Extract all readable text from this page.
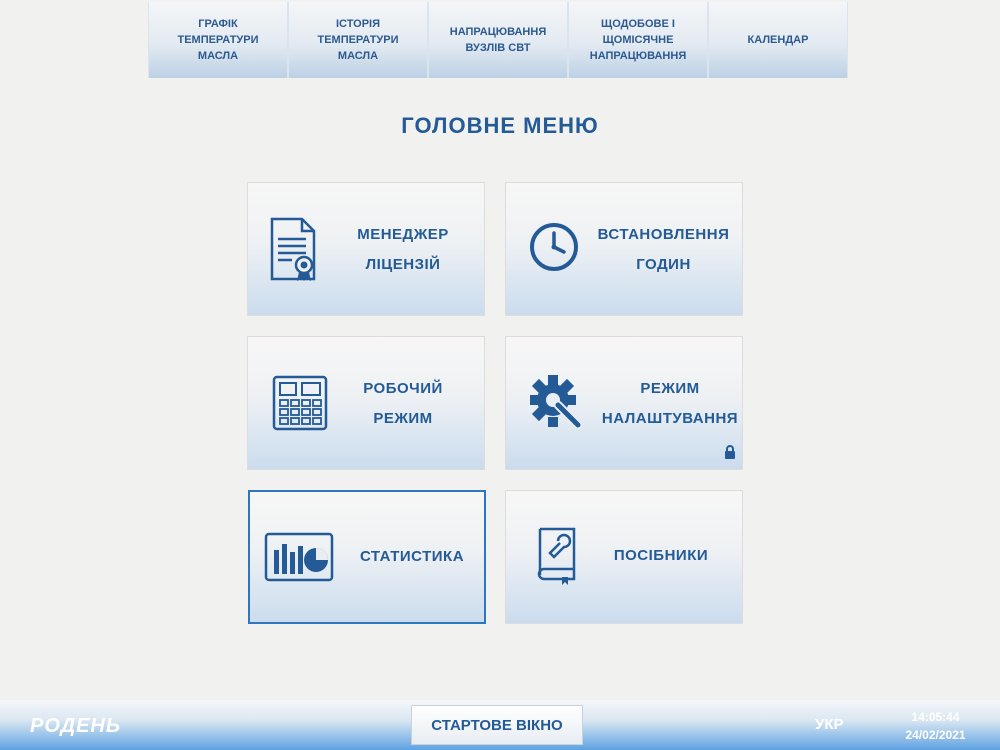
ГРАФІК
ТЕМПЕРАТУРИ
МАСЛА
ІСТОРІЯ
ТЕМПЕРАТУРИ
МАСЛА
НАПРАЦЮВАННЯ
ВУЗЛІВ СВТ
ЩОДОБОВЕ І
ЩОМІСЯЧНЕ
НАПРАЦЮВАННЯ
КАЛЕНДАР
ГОЛОВНЕ МЕНЮ
МЕНЕДЖЕР
ЛІЦЕНЗІЙ
ВСТАНОВЛЕННЯ
ГОДИН
РОБОЧИЙ
РЕЖИМ
РЕЖИМ
НАЛАШТУВАННЯ
СТАТИСТИКА	ПОСІБНИКИ
РОДЕНЬ	СТАРТОВЕ ВІКНО	УКР	14:05:44
24/02/2021
